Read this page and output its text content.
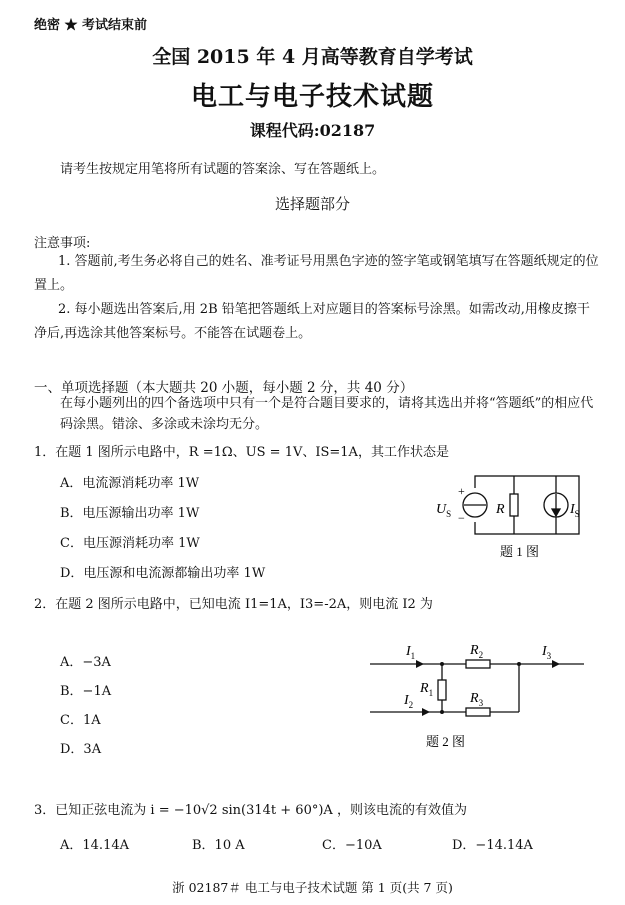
绝密 ★ 考试结束前
全国 2015 年 4 月高等教育自学考试
电工与电子技术试题
课程代码:02187
请考生按规定用笔将所有试题的答案涂、写在答题纸上。
选择题部分
注意事项:
1. 答题前,考生务必将自己的姓名、准考证号用黑色字迹的签字笔或钢笔填写在答题纸规定的位置上。
2. 每小题选出答案后,用 2B 铅笔把答题纸上对应题目的答案标号涂黑。如需改动,用橡皮擦干净后,再选涂其他答案标号。不能答在试题卷上。
一、单项选择题（本大题共 20 小题，每小题 2 分，共 40 分）
在每小题列出的四个备选项中只有一个是符合题目要求的，请将其选出并将“答题纸”的相应代码涂黑。错涂、多涂或未涂均无分。
1．在题 1 图所示电路中，R =1Ω、US = 1V、IS=1A，其工作状态是
A．电流源消耗功率 1W
B．电压源输出功率 1W
C．电压源消耗功率 1W
D．电压源和电流源都输出功率 1W
+
−
$U_S$	R	$I_S$
题 1 图
2．在题 2 图所示电路中，已知电流 I1=1A，I3=-2A，则电流 I2 为
A．−3A
B．−1A
C．1A
D．3A
$I_1$
$I_2$
$I_3$
$R_2$
$R_1$	$R_3$
题 2 图
3．已知正弦电流为 i = −10√2 sin(314t + 60°)A ，则该电流的有效值为
A．14.14A	B．10 A	C．−10A	D．−14.14A
浙 02187＃ 电工与电子技术试题 第 1 页(共 7 页)
